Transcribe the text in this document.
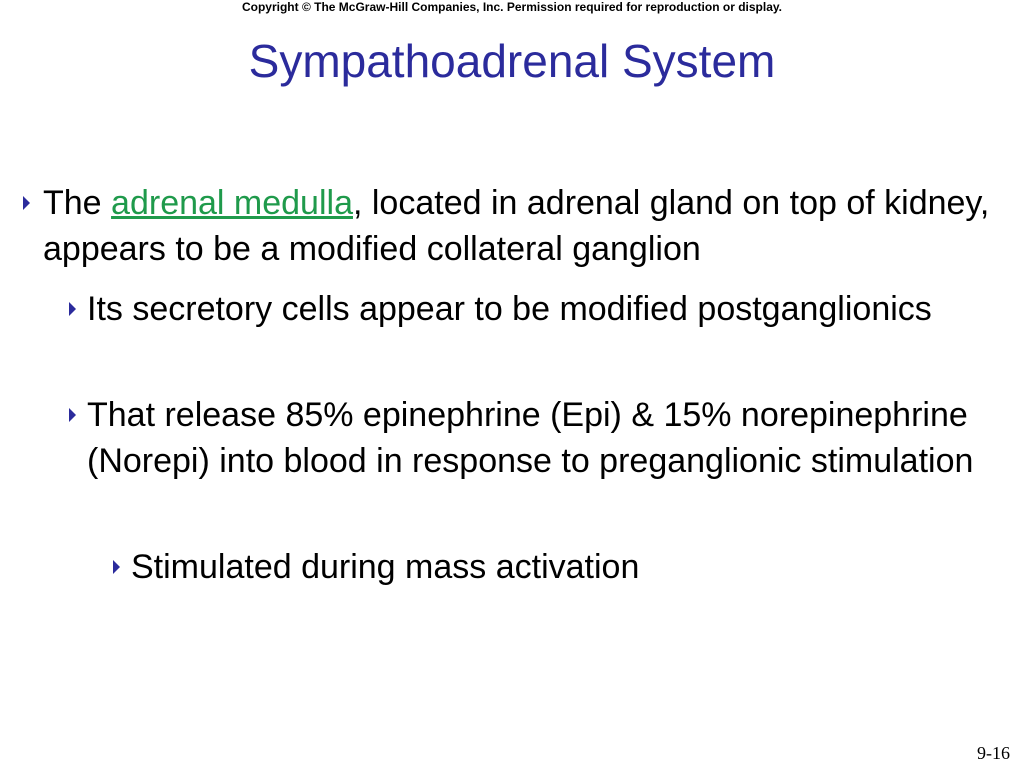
Copyright © The McGraw-Hill Companies, Inc. Permission required for reproduction or display.
Sympathoadrenal System
The adrenal medulla, located in adrenal gland on top of kidney, appears to be a modified collateral ganglion
Its secretory cells appear to be modified postganglionics
That release 85% epinephrine (Epi) & 15% norepinephrine (Norepi) into blood in response to preganglionic stimulation
Stimulated during mass activation
9-16
